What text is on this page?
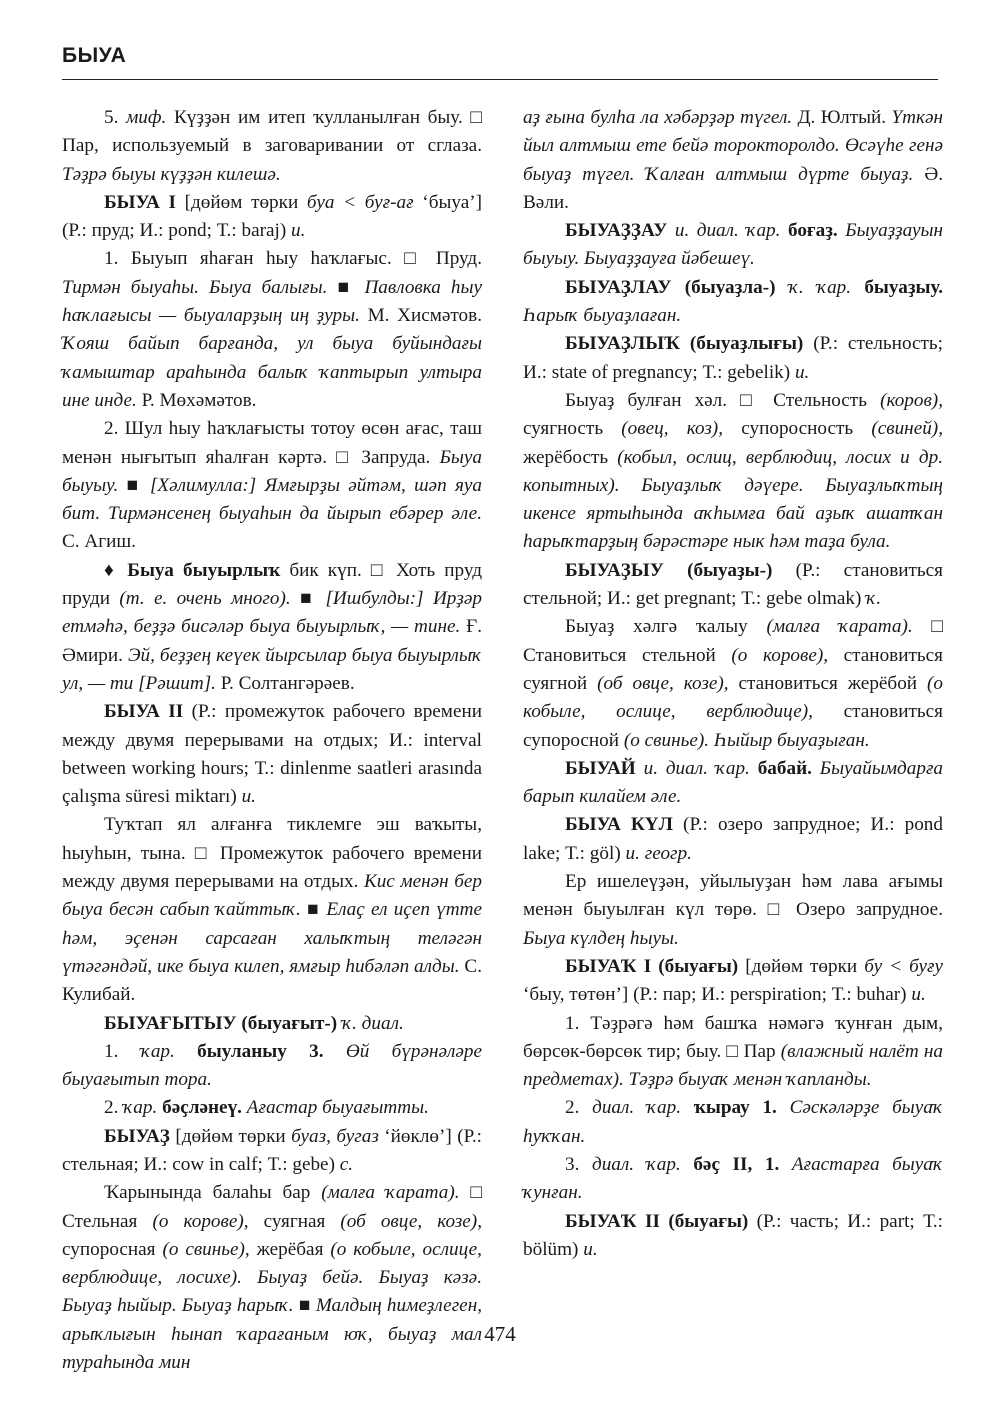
БЫУА

5. миф. Күҙҙән им итеп ҡулланылған быу. □ Пар, используемый в заговаривании от сглаза. Тәҙрә быуы күҙҙән килешә.

БЫУА I [дөйөм төрки буа < буғ-ағ ‘быуа’] (Р.: пруд; И.: pond; Т.: baraj) и.

1. Быуып яһаған һыу һаҡлағыс. □ Пруд. Тирмән быуаһы. Быуа балығы. ■ Павловка һыу һаҡлағысы — быуаларҙың иң ҙуры. М. Хисмәтов. Ҡояш байып барғанда, ул быуа буйындағы ҡамыштар араһында балыҡ ҡаптырып ултыра ине инде. Р. Мөхәмәтов.

2. Шул һыу һаҡлағысты тотоу өсөн ағас, таш менән нығытып яһалған кәртә. □ Запруда. Быуа быуыу. ■ [Хәлимулла:] Ямғырҙы әйтәм, шәп яуа бит. Тирмәнсенең быуаһын да йырып ебәрер әле. С. Агиш.

♦ Быуа быуырлыҡ бик күп. □ Хоть пруд пруди (т. е. очень много). ■ [Ишбулды:] Ирҙәр етмәһә, беҙҙә бисәләр быуа быуырлыҡ, — тине. Ғ. Әмири. Эй, беҙҙең кеүек йырсылар быуа быуырлыҡ ул, — ти [Рәшит]. Р. Солтангәрәев.

БЫУА II (Р.: промежуток рабочего времени между двумя перерывами на отдых; И.: interval between working hours; Т.: dinlenme saatleri arasında çalışma süresi miktarı) и.

Туҡтап ял алғанға тиклемге эш ваҡыты, һыуһын, тына. □ Промежуток рабочего времени между двумя перерывами на отдых. Кис менән бер быуа бесән сабып ҡайттыҡ. ■ Елаҫ ел иҫеп үтте һәм, эҫенән сарсаған халыҡтың теләгән үтәгәндәй, ике быуа килеп, ямғыр һибәләп алды. С. Кулибай.

БЫУАҒЫТЫУ (быуағыт-) ҡ. диал.

1. ҡар. быуланыу 3. Өй бүрәнәләре быуағытып тора.

2. ҡар. бәҫләнеү. Ағастар быуағытты.

БЫУАҘ [дөйөм төрки буаз, бугаз ‘йөклө’] (Р.: стельная; И.: cow in calf; Т.: gebe) с.

Ҡарынында балаһы бар (малға ҡарата). □ Стельная (о корове), суягная (об овце, козе), супоросная (о свинье), жерёбая (о кобыле, ослице, верблюдице, лосихе). Быуаҙ бейә. Быуаҙ кәзә. Быуаҙ һыйыр. Быуаҙ һарыҡ. ■ Малдың һимеҙлеген, арыҡлығын һынап ҡарағаным юҡ, быуаҙ мал тураһында мин

аҙ ғына булһа ла хәбәрҙәр түгел. Д. Юлтый. Үткән йыл алтмыш ете бейә торокторолдо. Өсәүһе генә быуаҙ түгел. Ҡалған алтмыш дүрте быуаҙ. Ә. Вәли.

БЫУАҘҘАУ и. диал. ҡар. боғаҙ. Быуаҙҙауын быуыу. Быуаҙҙауға йәбешеү.

БЫУАҘЛАУ (быуаҙла-) ҡ. ҡар. быуаҙыу. Һарыҡ быуаҙлаған.

БЫУАҘЛЫҠ (быуаҙлығы) (Р.: стельность; И.: state of pregnancy; Т.: gebelik) и.

Быуаҙ булған хәл. □ Стельность (коров), суягность (овец, коз), супоросность (свиней), жерёбость (кобыл, ослиц, верблюдиц, лосих и др. копытных). Быуаҙлыҡ дәүере. Быуаҙлыҡтың икенсе яртыһында аҡһымға бай аҙыҡ ашатҡан һарыҡтарҙың бәрәстәре нык һәм таҙа була.

БЫУАҘЫУ (быуаҙы-) (Р.: становиться стельной; И.: get pregnant; Т.: gebe olmak) ҡ.

Быуаҙ хәлгә ҡалыу (малға ҡарата). □ Становиться стельной (о корове), становиться суягной (об овце, козе), становиться жерёбой (о кобыле, ослице, верблюдице), становиться супоросной (о свинье). Һыйыр быуаҙыған.

БЫУАЙ и. диал. ҡар. бабай. Быуайымдарға барып килайем әле.

БЫУА КҮЛ (Р.: озеро запрудное; И.: pond lake; Т.: göl) и. геогр.

Ер ишелеүҙән, уйылыуҙан һәм лава ағымы менән быуылған күл төрө. □ Озеро запрудное. Быуа күлдең һыуы.

БЫУАҠ I (быуағы) [дөйөм төрки бу < буғу ‘быу, төтөн’] (Р.: пар; И.: perspiration; Т.: buhar) и.

1. Тәҙрәгә һәм башҡа нәмәгә ҡунған дым, бөрсөк-бөрсөк тир; быу. □ Пар (влажный налёт на предметах). Тәҙрә быуаҡ менән ҡапланды.

2. диал. ҡар. ҡырау 1. Сәскәләрҙе быуаҡ һуҡҡан.

3. диал. ҡар. бәҫ II, 1. Ағастарға быуаҡ ҡунған.

БЫУАҠ II (быуағы) (Р.: часть; И.: part; Т.: bölüm) и.

474
